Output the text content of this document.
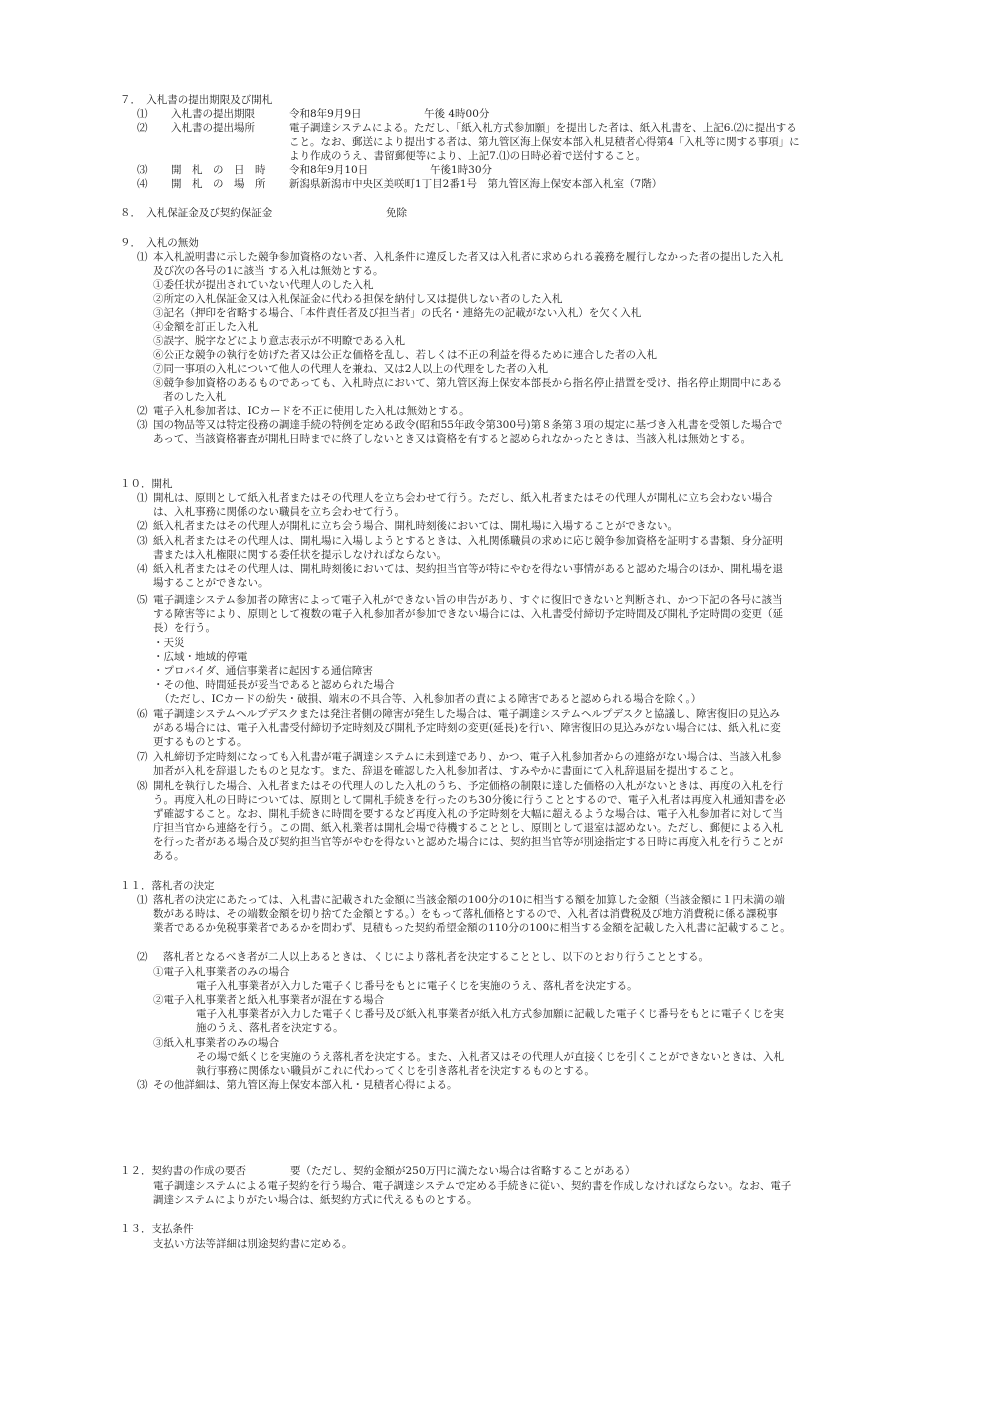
７．　入札書の提出期限及び開札
⑴ 入札書の提出期限	令和8年9月9日	午後 4時00分
⑵ 入札書の提出場所	電子調達システムによる。ただし、「紙入札方式参加願」を提出した者は、紙入札書を、上記6.⑵に提出する
こと。なお、郵送により提出する者は、第九管区海上保安本部入札見積者心得第4「入札等に関する事項」に
より作成のうえ、書留郵便等により、上記7.⑴の日時必着で送付すること。
⑶ 開　札　の　日　時 令和8年9月10日	午後1時30分
⑷ 開　札　の　場　所 新潟県新潟市中央区美咲町1丁目2番1号　第九管区海上保安本部入札室（7階）
８．　入札保証金及び契約保証金	免除
９．　入札の無効
⑴ 本入札説明書に示した競争参加資格のない者、入札条件に違反した者又は入札者に求められる義務を履行しなかった者の提出した入札
及び次の各号の1に該当 する入札は無効とする。
①委任状が提出されていない代理人のした入札
②所定の入札保証金又は入札保証金に代わる担保を納付し又は提供しない者のした入札
③記名（押印を省略する場合、「本件責任者及び担当者」の氏名・連絡先の記載がない入札）を欠く入札
④金額を訂正した入札
⑤誤字、脱字などにより意志表示が不明瞭である入札
⑥公正な競争の執行を妨げた者又は公正な価格を乱し、若しくは不正の利益を得るために連合した者の入札
⑦同一事項の入札について他人の代理人を兼ね、又は2人以上の代理をした者の入札
⑧競争参加資格のあるものであっても、入札時点において、第九管区海上保安本部長から指名停止措置を受け、指名停止期間中にある
者のした入札
⑵ 電子入札参加者は、ICカードを不正に使用した入札は無効とする。
⑶ 国の物品等又は特定役務の調達手続の特例を定める政令(昭和55年政令第300号)第８条第３項の規定に基づき入札書を受領した場合で
あって、当該資格審査が開札日時までに終了しないとき又は資格を有すると認められなかったときは、当該入札は無効とする。
１０．開札
⑴ 開札は、原則として紙入札者またはその代理人を立ち会わせて行う。ただし、紙入札者またはその代理人が開札に立ち会わない場合
は、入札事務に関係のない職員を立ち会わせて行う。
⑵ 紙入札者またはその代理人が開札に立ち会う場合、開札時刻後においては、開札場に入場することができない。
⑶ 紙入札者またはその代理人は、開札場に入場しようとするときは、入札関係職員の求めに応じ競争参加資格を証明する書類、身分証明
書または入札権限に関する委任状を提示しなければならない。
⑷ 紙入札者またはその代理人は、開札時刻後においては、契約担当官等が特にやむを得ない事情があると認めた場合のほか、開札場を退
場することができない。
⑸ 電子調達システム参加者の障害によって電子入札ができない旨の申告があり、すぐに復旧できないと判断され、かつ下記の各号に該当
する障害等により、原則として複数の電子入札参加者が参加できない場合には、入札書受付締切予定時間及び開札予定時間の変更（延
長）を行う。
・天災
・広域・地域的停電
・プロバイダ、通信事業者に起因する通信障害
・その他、時間延長が妥当であると認められた場合
（ただし、ICカードの紛失・破損、端末の不具合等、入札参加者の責による障害であると認められる場合を除く。）
⑹ 電子調達システムヘルプデスクまたは発注者側の障害が発生した場合は、電子調達システムヘルプデスクと協議し、障害復旧の見込み
がある場合には、電子入札書受付締切予定時刻及び開札予定時刻の変更(延長)を行い、障害復旧の見込みがない場合には、紙入札に変
更するものとする。
⑺ 入札締切予定時刻になっても入札書が電子調達システムに未到達であり、かつ、電子入札参加者からの連絡がない場合は、当該入札参
加者が入札を辞退したものと見なす。また、辞退を確認した入札参加者は、すみやかに書面にて入札辞退届を提出すること。
⑻ 開札を執行した場合、入札者またはその代理人のした入札のうち、予定価格の制限に達した価格の入札がないときは、再度の入札を行
う。再度入札の日時については、原則として開札手続きを行ったのち30分後に行うこととするので、電子入札者は再度入札通知書を必
ず確認すること。なお、開札手続きに時間を要するなど再度入札の予定時刻を大幅に超えるような場合は、電子入札参加者に対して当
庁担当官から連絡を行う。この間、紙入札業者は開札会場で待機することとし、原則として退室は認めない。ただし、郵便による入札
を行った者がある場合及び契約担当官等がやむを得ないと認めた場合には、契約担当官等が別途指定する日時に再度入札を行うことが
ある。
１１．落札者の決定
⑴ 落札者の決定にあたっては、入札書に記載された金額に当該金額の100分の10に相当する額を加算した金額（当該金額に１円未満の端
数がある時は、その端数金額を切り捨てた金額とする。）をもって落札価格とするので、入札者は消費税及び地方消費税に係る課税事
業者であるか免税事業者であるかを問わず、見積もった契約希望金額の110分の100に相当する金額を記載した入札書に記載すること。
⑵ 落札者となるべき者が二人以上あるときは、くじにより落札者を決定することとし、以下のとおり行うこととする。
①電子入札事業者のみの場合
電子入札事業者が入力した電子くじ番号をもとに電子くじを実施のうえ、落札者を決定する。
②電子入札事業者と紙入札事業者が混在する場合
電子入札事業者が入力した電子くじ番号及び紙入札事業者が紙入札方式参加願に記載した電子くじ番号をもとに電子くじを実
施のうえ、落札者を決定する。
③紙入札事業者のみの場合
その場で紙くじを実施のうえ落札者を決定する。また、入札者又はその代理人が直接くじを引くことができないときは、入札
執行事務に関係ない職員がこれに代わってくじを引き落札者を決定するものとする。
⑶ その他詳細は、第九管区海上保安本部入札・見積者心得による。
１２．契約書の作成の要否	要（ただし、契約金額が250万円に満たない場合は省略することがある）
電子調達システムによる電子契約を行う場合、電子調達システムで定める手続きに従い、契約書を作成しなければならない。なお、電子
調達システムによりがたい場合は、紙契約方式に代えるものとする。
１３．支払条件
支払い方法等詳細は別途契約書に定める。
